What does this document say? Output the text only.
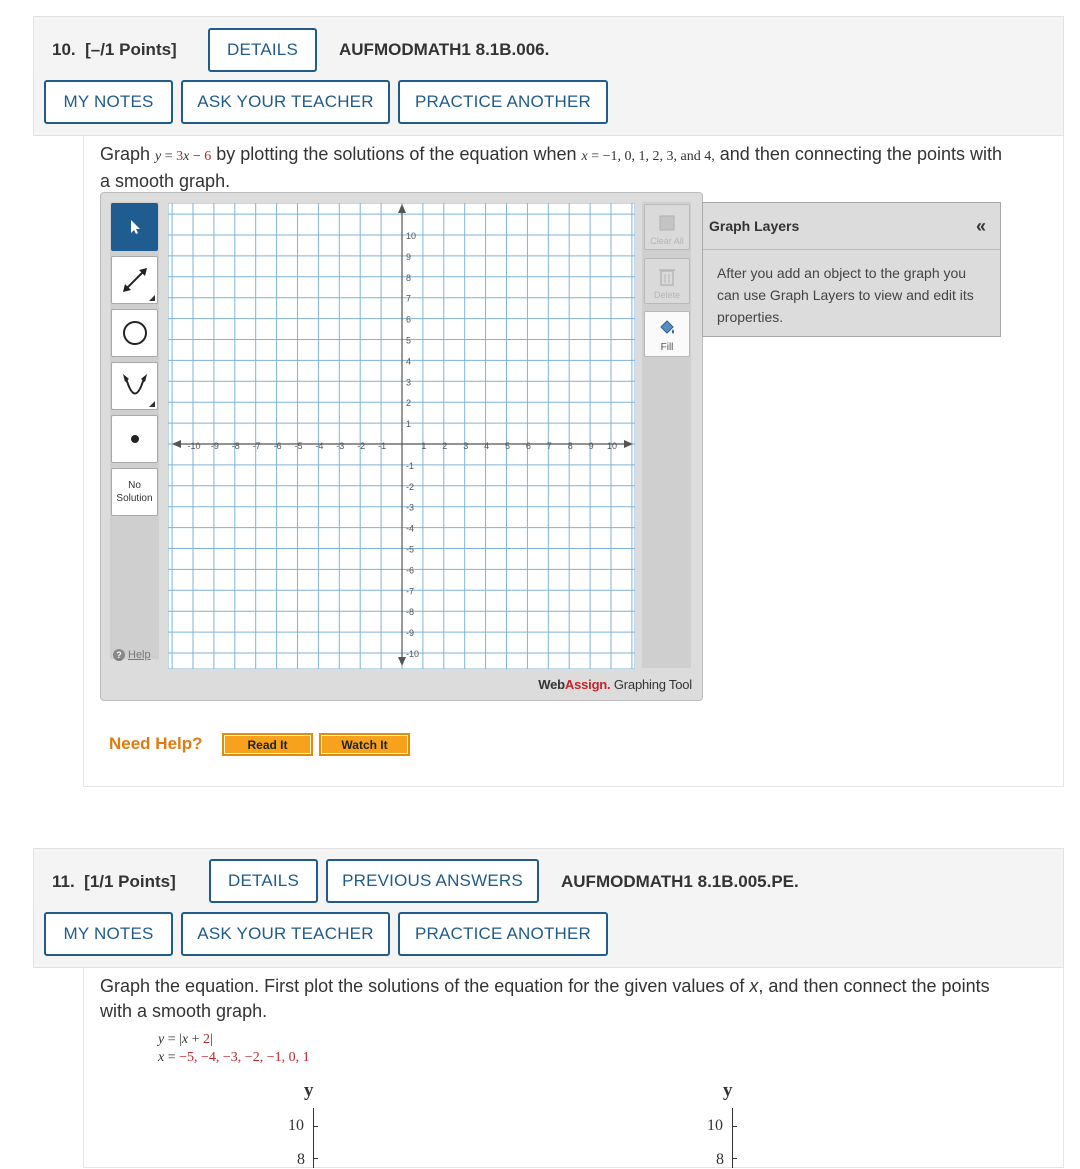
10. [–/1 Points]	DETAILS	AUFMODMATH1 8.1B.006.
MY NOTES	ASK YOUR TEACHER	PRACTICE ANOTHER
Graph y = 3x − 6 by plotting the solutions of the equation when x = −1, 0, 1, 2, 3, and 4, and then connecting the points with
a smooth graph.
No
Solution
? Help
-10 -9 -8 -7 -6 -5 -4 -3 -2 -1	1 2 3 4 5 6 7 8 9 10
10
9
8
7
6
5
4
3
2
1
-1
-2
-3
-4
-5
-6
-7
-8
-9
-10
Clear All
Delete
Fill
WebAssign. Graphing Tool
Graph Layers	«
After you add an object to the graph you can use Graph Layers to view and edit its properties.
Need Help?	Read It	Watch It
11. [1/1 Points]	DETAILS	PREVIOUS ANSWERS	AUFMODMATH1 8.1B.005.PE.
MY NOTES	ASK YOUR TEACHER	PRACTICE ANOTHER
Graph the equation. First plot the solutions of the equation for the given values of x, and then connect the points
with a smooth graph.
y = |x + 2|
x = −5, −4, −3, −2, −1, 0, 1
y
10
8
y
10
8
